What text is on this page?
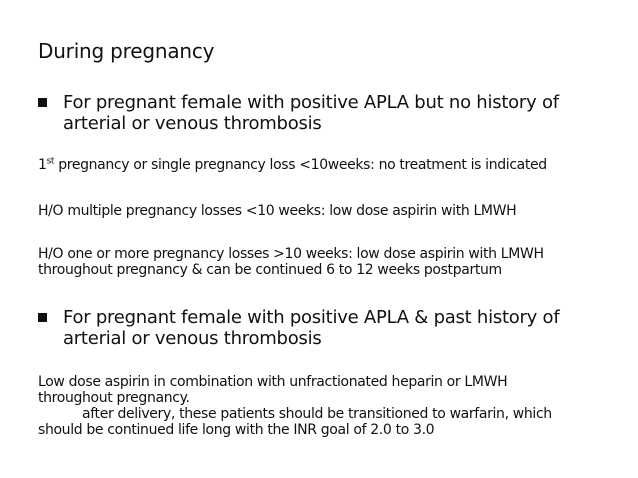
During pregnancy
For pregnant female with positive APLA but no history of
arterial or venous thrombosis
1st pregnancy or single pregnancy loss <10weeks: no treatment is indicated
H/O multiple pregnancy losses <10 weeks: low dose aspirin with LMWH
H/O one or more pregnancy losses >10 weeks: low dose aspirin with LMWH
throughout pregnancy & can be continued 6 to 12 weeks postpartum
For pregnant female with positive APLA & past history of
arterial or venous thrombosis
Low dose aspirin in combination with unfractionated heparin or LMWH
throughout pregnancy.
after delivery, these patients should be transitioned to warfarin, which
should be continued life long with the INR goal of 2.0 to 3.0
